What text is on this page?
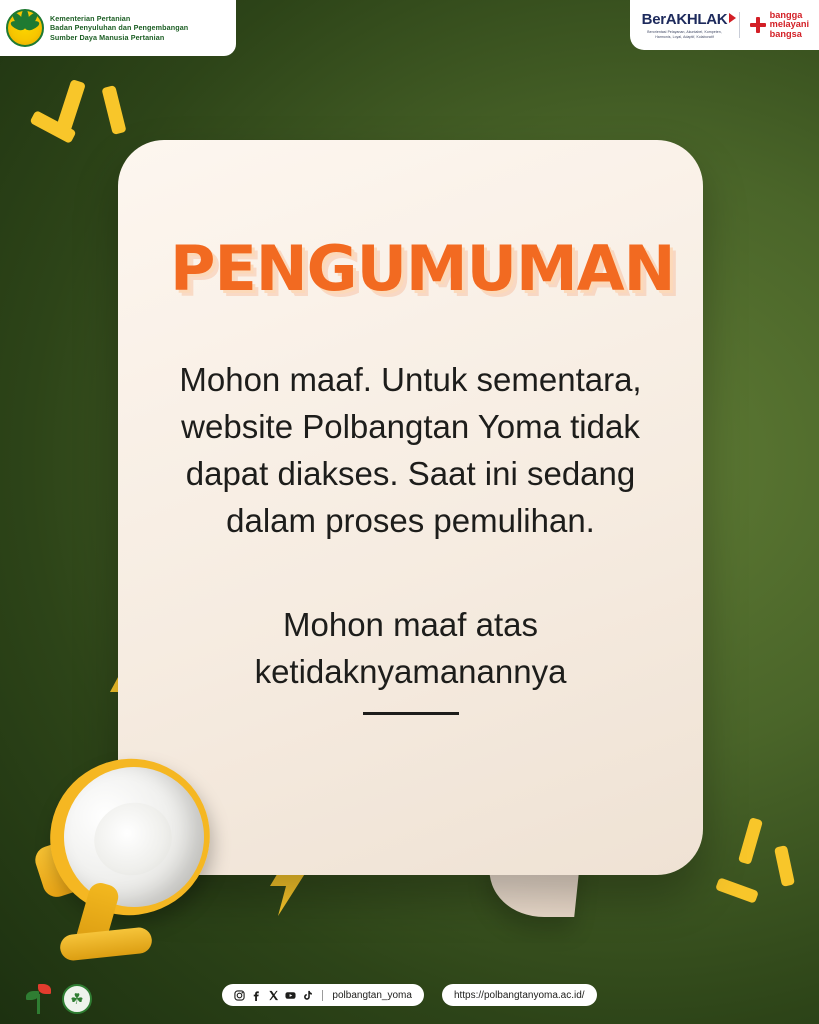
Kementerian Pertanian
Badan Penyuluhan dan Pengembangan
Sumber Daya Manusia Pertanian
BerAKHLAK
Berorientasi Pelayanan, Akuntabel, Kompeten, Harmonis, Loyal, Adaptif, Kolaboratif
bangga
melayani
bangsa
PENGUMUMAN
Mohon maaf. Untuk sementara, website Polbangtan Yoma tidak dapat diakses. Saat ini sedang dalam proses pemulihan.
Mohon maaf atas ketidaknyamanannya
☘	polbangtan_yoma	https://polbangtanyoma.ac.id/
